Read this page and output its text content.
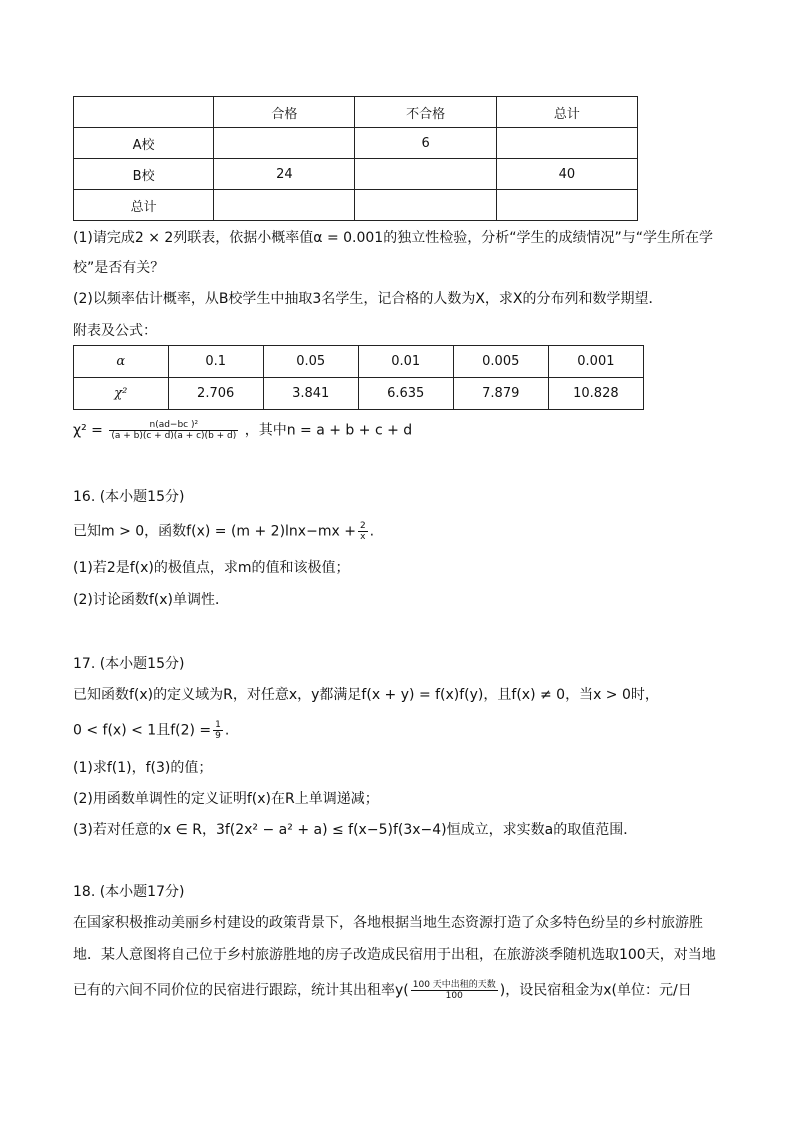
	合格	不合格	总计
A校		6	
B校	24		40
总计			
(1)请完成2 × 2列联表，依据小概率值α = 0.001的独立性检验，分析“学生的成绩情况”与“学生所在学
校”是否有关？
(2)以频率估计概率，从B校学生中抽取3名学生，记合格的人数为X，求X的分布列和数学期望．
附表及公式：
α	0.1	0.05	0.01	0.005	0.001
χ²	2.706	3.841	6.635	7.879	10.828
$\chi^2 = \frac{\text{n(ad−bc )²}}{(a + b)(c + d)(a + c)(b + d)}$ ，其中n = a + b + c + d
16. (本小题15分)
已知m > 0，函数$f(x) = (m + 2)\ln x-mx + \frac{2}{x}$ .
(1)若2是f(x)的极值点，求m的值和该极值；
(2)讨论函数f(x)单调性．
17. (本小题15分)
已知函数f(x)的定义域为R，对任意x，y都满足f(x + y) = f(x)f(y)，且f(x) ≠ 0，当x > 0时，
0 < f(x) < 1且$f(2) = \frac{1}{9}$ .
(1)求f(1)，f(3)的值；
(2)用函数单调性的定义证明f(x)在R上单调递减；
(3)若对任意的x ∈ R，3f(2x² − a² + a) ≤ f(x−5)f(3x−4)恒成立，求实数a的取值范围．
18. (本小题17分)
在国家积极推动美丽乡村建设的政策背景下，各地根据当地生态资源打造了众多特色纷呈的乡村旅游胜
地．某人意图将自己位于乡村旅游胜地的房子改造成民宿用于出租，在旅游淡季随机选取100天，对当地
已有的六间不同价位的民宿进行跟踪，统计其出租率$y( \frac{\text{100 天中出租的天数}}{100}$ )，设民宿租金为x(单位：元/日
